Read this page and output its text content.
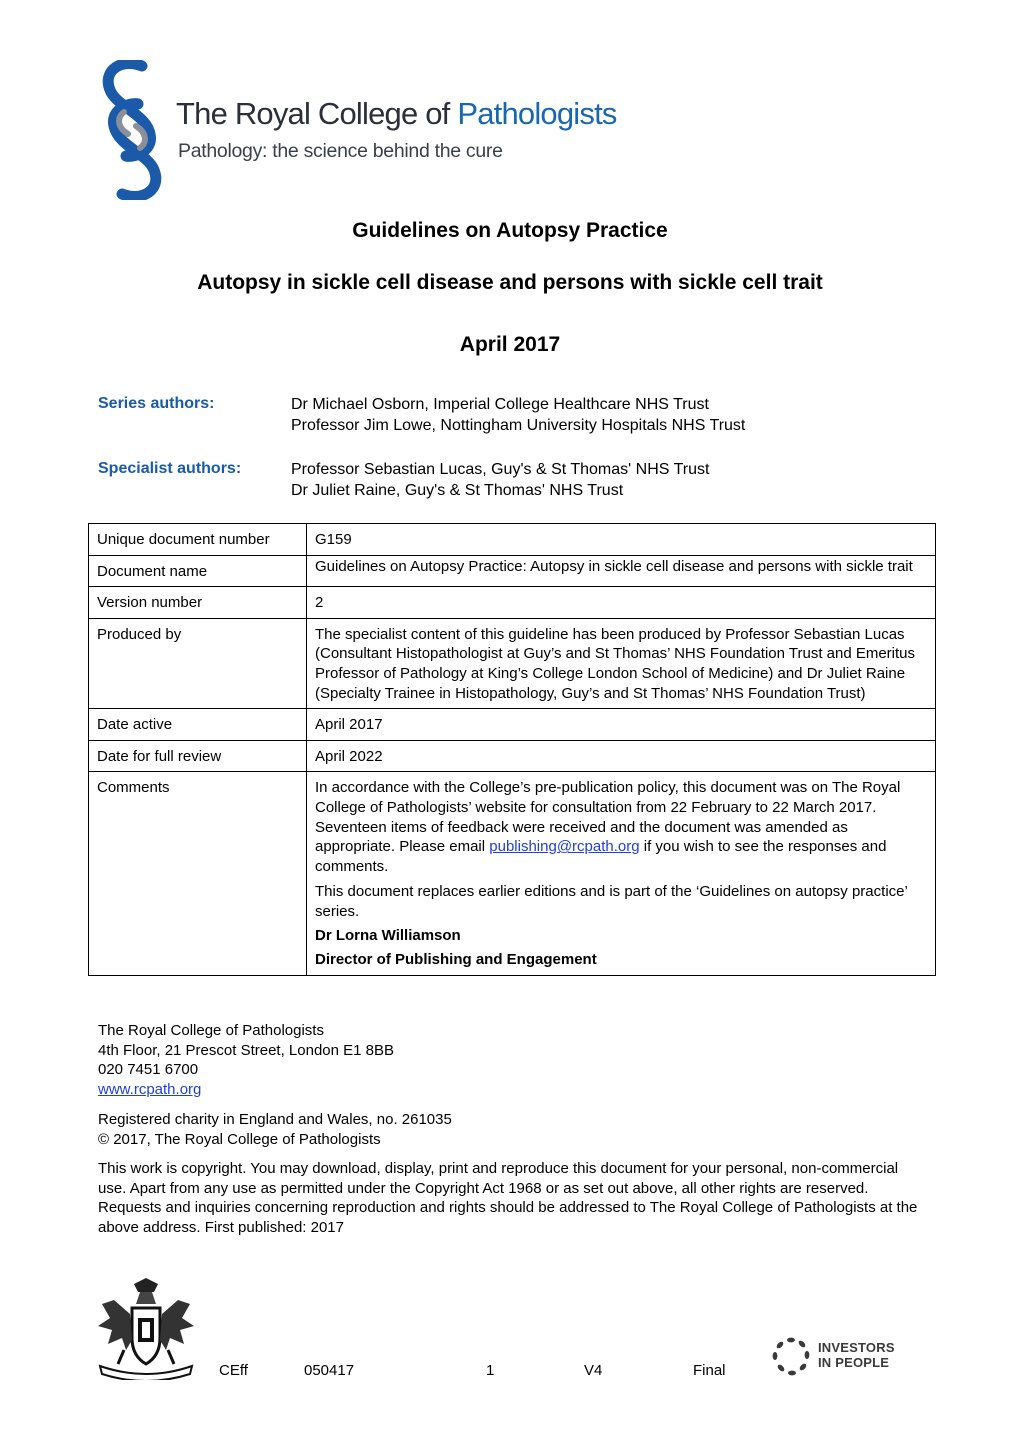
The Royal College of Pathologists
Pathology: the science behind the cure
Guidelines on Autopsy Practice
Autopsy in sickle cell disease and persons with sickle cell trait
April 2017
Series authors:	Dr Michael Osborn, Imperial College Healthcare NHS Trust
Professor Jim Lowe, Nottingham University Hospitals NHS Trust
Specialist authors:	Professor Sebastian Lucas, Guy's & St Thomas' NHS Trust
Dr Juliet Raine, Guy's & St Thomas' NHS Trust
Unique document number	G159
Document name	Guidelines on Autopsy Practice: Autopsy in sickle cell disease and persons with sickle trait
Version number	2
Produced by	The specialist content of this guideline has been produced by Professor Sebastian Lucas (Consultant Histopathologist at Guy’s and St Thomas’ NHS Foundation Trust and Emeritus Professor of Pathology at King’s College London School of Medicine) and Dr Juliet Raine (Specialty Trainee in Histopathology, Guy’s and St Thomas’ NHS Foundation Trust)
Date active	April 2017
Date for full review	April 2022
Comments	In accordance with the College’s pre-publication policy, this document was on The Royal College of Pathologists’ website for consultation from 22 February to 22 March 2017. Seventeen items of feedback were received and the document was amended as appropriate. Please email publishing@rcpath.org if you wish to see the responses and comments.
This document replaces earlier editions and is part of the ‘Guidelines on autopsy practice’ series.
Dr Lorna Williamson
Director of Publishing and Engagement

The Royal College of Pathologists

4th Floor, 21 Prescot Street, London E1 8BB

020 7451 6700

www.rcpath.org

Registered charity in England and Wales, no. 261035

© 2017, The Royal College of Pathologists

This work is copyright. You may download, display, print and reproduce this document for your personal, non-commercial use. Apart from any use as permitted under the Copyright Act 1968 or as set out above, all other rights are reserved. Requests and inquiries concerning reproduction and rights should be addressed to The Royal College of Pathologists at the above address. First published: 2017
CEff	050417	1	V4	Final
INVESTORS
IN PEOPLE
